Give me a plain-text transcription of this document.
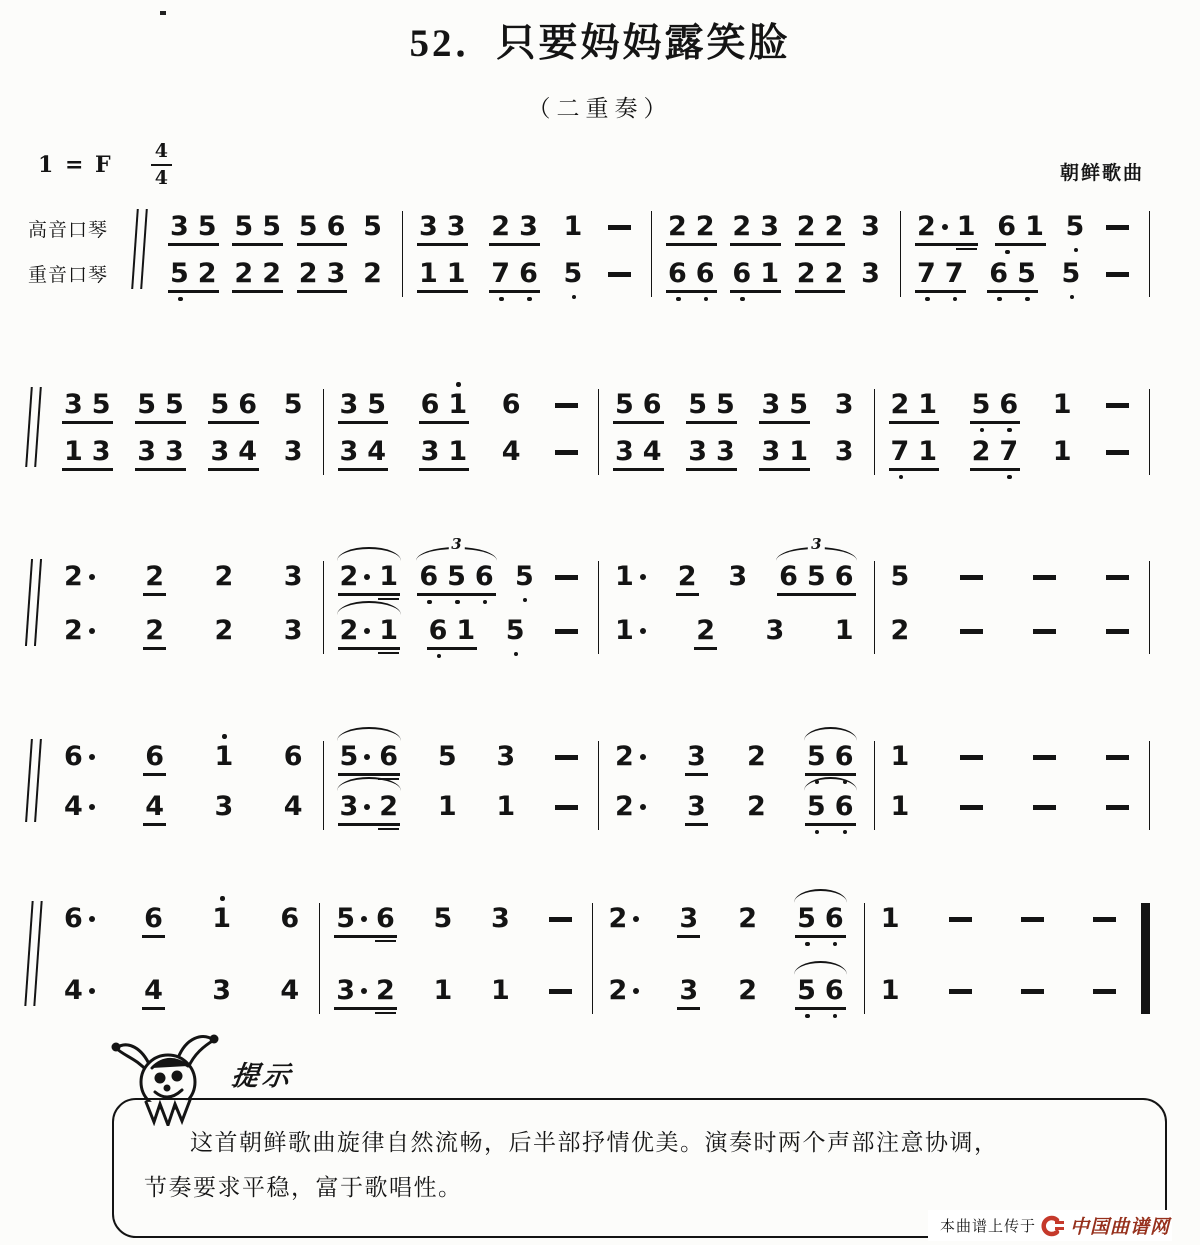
52．只要妈妈露笑脸
（二重奏）
1 = F $\frac{4}{4}$	朝鲜歌曲
高音口琴
重音口琴
3 5 5 5 5 6 5
5 2 2 2 2 3 2
3 3 2 3 1
1 1 7 6 5
2 2 2 3 2 2 3
6 6 6 1 2 2 3
2 1 6 1 5
7 7 6 5 5
3 5 5 5 5 6 5
1 3 3 3 3 4 3
3 5 6 1 6
3 4 3 1 4
5 6 5 5 3 5 3
3 4 3 3 3 1 3
2 1 5 6 1
7 1 2 7 1
2 2 2 3
2 2 2 3
2 1
3
6 5 6 5
2 1 6 1 5
1 2 3
3
6 5 6
1 2 3 1
5
2
6 6 1 6
4 4 3 4
5 6 5 3
3 2 1 1
2 3 2 5 6
2 3 2 5 6
1
1
6 6 1 6
4 4 3 4
5 6 5 3
3 2 1 1
2 3 2 5 6
2 3 2 5 6
1
1
提示
这首朝鲜歌曲旋律自然流畅，后半部抒情优美。演奏时两个声部注意协调，
节奏要求平稳，富于歌唱性。
本曲谱上传于 中国曲谱网
